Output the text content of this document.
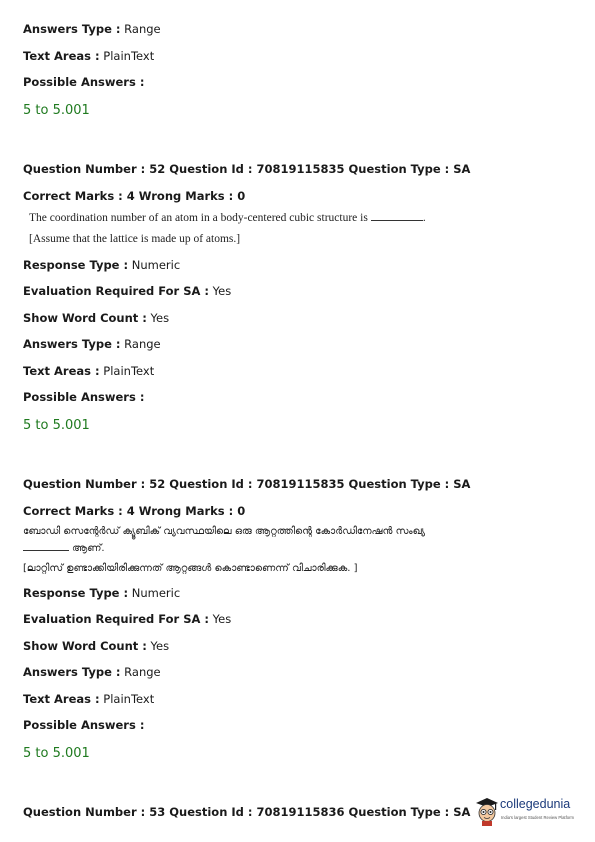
Answers Type : Range
Text Areas : PlainText
Possible Answers :
5 to 5.001
Question Number : 52 Question Id : 70819115835 Question Type : SA
Correct Marks : 4 Wrong Marks : 0
The coordination number of an atom in a body-centered cubic structure is	.
[Assume that the lattice is made up of atoms.]
Response Type : Numeric
Evaluation Required For SA : Yes
Show Word Count : Yes
Answers Type : Range
Text Areas : PlainText
Possible Answers :
5 to 5.001
Question Number : 52 Question Id : 70819115835 Question Type : SA
Correct Marks : 4 Wrong Marks : 0
ബോഡി സെന്റേർഡ് ക്യൂബിക് വ്യവസ്ഥയിലെ ഒരു ആറ്റത്തിന്റെ കോർഡിനേഷൻ സംഖ്യ
ആണ്.
[ലാറ്റിസ് ഉണ്ടാക്കിയിരിക്കുന്നത് ആറ്റങ്ങൾ കൊണ്ടാണെന്ന് വിചാരിക്കുക. ]
Response Type : Numeric
Evaluation Required For SA : Yes
Show Word Count : Yes
Answers Type : Range
Text Areas : PlainText
Possible Answers :
5 to 5.001
Question Number : 53 Question Id : 70819115836 Question Type : SA
collegedunia
India's largest Student Review Platform
